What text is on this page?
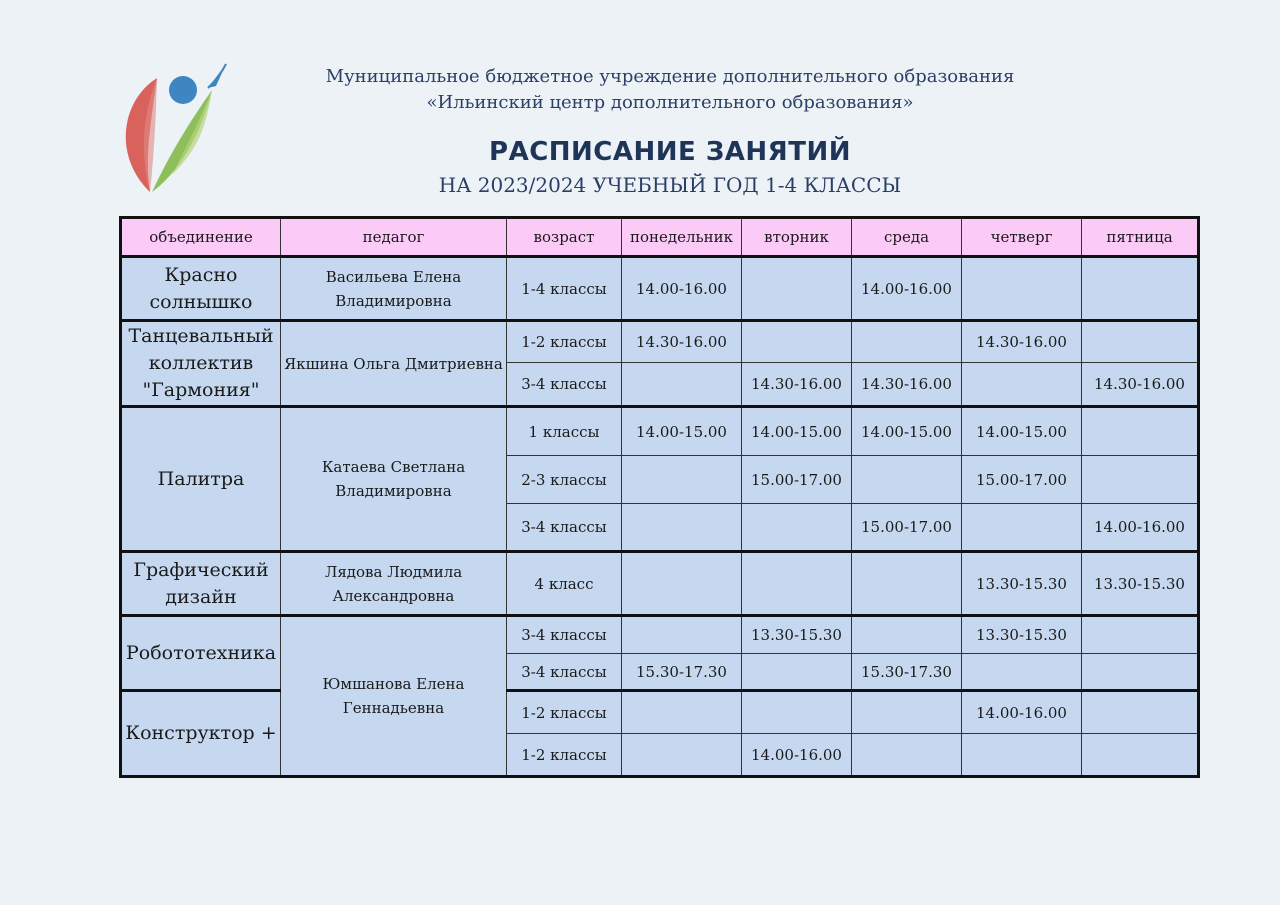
Муниципальное бюджетное учреждение дополнительного образования
«Ильинский центр дополнительного образования»
РАСПИСАНИЕ ЗАНЯТИЙ
НА 2023/2024 УЧЕБНЫЙ ГОД 1-4 КЛАССЫ
объединение	педагог	возраст	понедельник	вторник	среда	четверг	пятница
Красно солнышко	Васильева Елена Владимировна	1-4 классы	14.00-16.00		14.00-16.00		
Танцевальный коллектив "Гармония"	Якшина Ольга Дмитриевна	1-2 классы	14.30-16.00			14.30-16.00	
		3-4 классы		14.30-16.00	14.30-16.00		14.30-16.00
Палитра	Катаева Светлана Владимировна	1 классы	14.00-15.00	14.00-15.00	14.00-15.00	14.00-15.00	
		2-3 классы		15.00-17.00		15.00-17.00	
		3-4 классы			15.00-17.00		14.00-16.00
Графический дизайн	Лядова Людмила Александровна	4 класс				13.30-15.30	13.30-15.30
Робототехника	Юмшанова Елена Геннадьевна	3-4 классы		13.30-15.30		13.30-15.30	
		3-4 классы	15.30-17.30		15.30-17.30		
Конструктор +		1-2 классы				14.00-16.00	
		1-2 классы		14.00-16.00			
